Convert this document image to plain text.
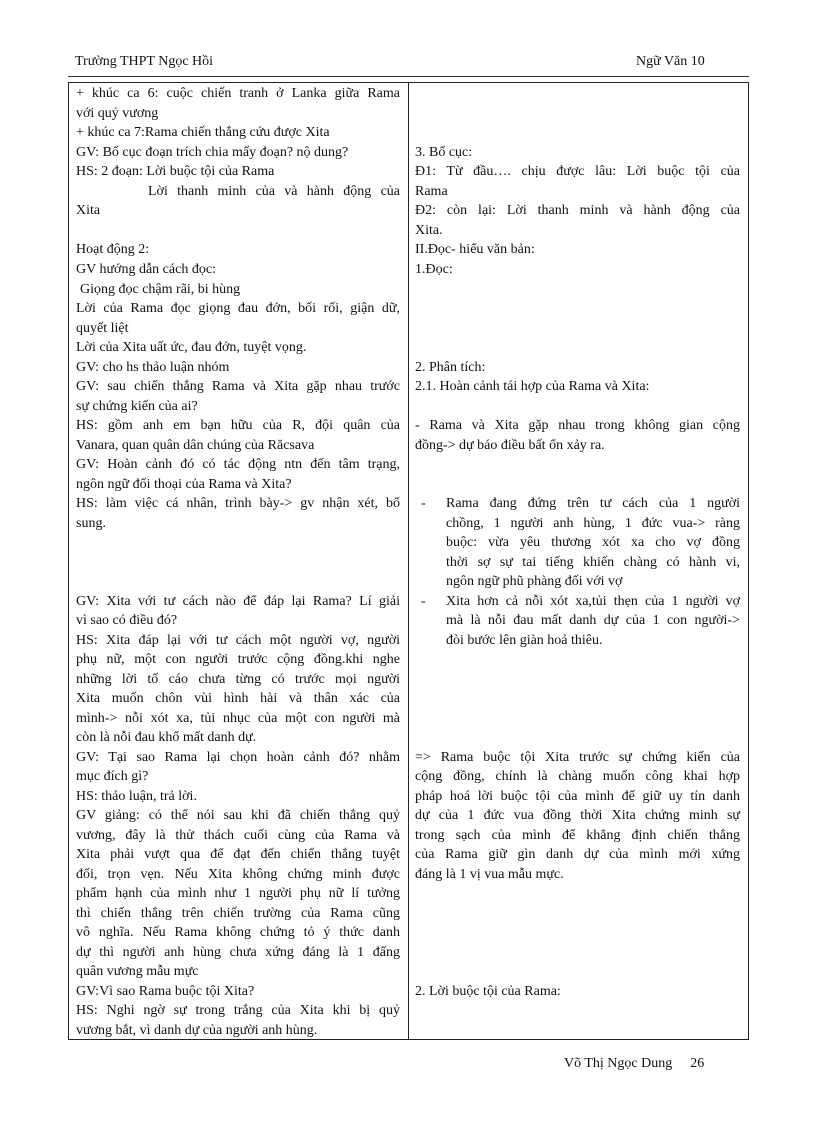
Trường THPT Ngọc Hồi	Ngữ Văn 10
+ khúc ca 6: cuộc chiến tranh ở Lanka giữa Rama
với quỷ vương
+ khúc ca 7:Rama chiến thắng cứu được Xita
GV: Bố cục đoạn trích chia mấy đoạn? nộ dung?
HS: 2 đoạn: Lời buộc tội của Rama
Lời thanh minh của và hành động của
Xita
Hoạt động 2:
GV hướng dẫn cách đọc:
Giọng đọc chậm rãi, bi hùng
Lời của Rama đọc giọng đau đớn, bối rối, giận dữ,
quyết liệt
Lời của Xita uất ức, đau đớn, tuyệt vọng.
GV: cho hs thảo luận nhóm
GV: sau chiến thắng Rama và Xita gặp nhau trước
sự chứng kiến của ai?
HS: gồm anh em bạn hữu của R, đội quân của
Vanara, quan quân dân chúng của Răcsava
GV: Hoàn cảnh đó có tác động ntn đến tâm trạng,
ngôn ngữ đối thoại của Rama và Xita?
HS: làm việc cá nhân, trình bày-> gv nhận xét, bổ
sung.
GV: Xita với tư cách nào để đáp lại Rama? Lí giải
vì sao có điều đó?
HS: Xita đáp lại với tư cách một người vợ, người
phụ nữ, một con người trước cộng đồng.khi nghe
những lời tố cáo chưa từng có trước mọi người
Xita muốn chôn vùi hình hài và thân xác của
mình-> nỗi xót xa, tủi nhục của một con người mà
còn là nỗi đau khổ mất danh dự.
GV: Tại sao Rama lại chọn hoàn cảnh đó? nhằm
mục đích gì?
HS: thảo luận, trả lời.
GV giảng: có thể nói sau khi đã chiến thắng quỷ
vương, đây là thử thách cuối cùng của Rama và
Xita phải vượt qua để đạt đến chiến thắng tuyệt
đối, trọn vẹn. Nếu Xita không chứng minh được
phẩm hạnh của mình như 1 người phụ nữ lí tưởng
thì chiến thắng trên chiến trường của Rama cũng
vô nghĩa. Nếu Rama không chứng tỏ ý thức danh
dự thì người anh hùng chưa xứng đáng là 1 đấng
quân vương mẫu mực
GV:Vì sao Rama buộc tội Xita?
HS: Nghi ngờ sự trong trắng của Xita khi bị quỷ
vương bắt, vì danh dự của người anh hùng.
3. Bố cục:
Đ1: Từ đầu…. chịu được lâu: Lời buộc tội của
Rama
Đ2: còn lại: Lời thanh minh và hành động của
Xita.
II.Đọc- hiểu văn bản:
1.Đọc:
2. Phân tích:
2.1. Hoàn cảnh tái hợp của Rama và Xita:
- Rama và Xita gặp nhau trong không gian cộng
đồng-> dự báo điều bất ổn xảy ra.
- Rama đang đứng trên tư cách của 1 người
chồng, 1 người anh hùng, 1 đức vua-> ràng
buộc: vừa yêu thương xót xa cho vợ đồng
thời sợ sự tai tiếng khiến chàng có hành vi,
ngôn ngữ phũ phàng đối với vợ
- Xita hơn cả nỗi xót xa,tủi thẹn của 1 người vợ
mà là nỗi đau mất danh dự của 1 con người->
đòi bước lên giàn hoả thiêu.
=> Rama buộc tội Xita trước sự chứng kiến của
cộng đồng, chính là chàng muốn công khai hợp
pháp hoá lời buộc tội của mình để giữ uy tín danh
dự của 1 đức vua đồng thời Xita chứng minh sự
trong sạch của mình để khẳng định chiến thắng
của Rama giữ gìn danh dự của mình mới xứng
đáng là 1 vị vua mẫu mực.
2. Lời buộc tội của Rama:
Võ Thị Ngọc Dung 26
